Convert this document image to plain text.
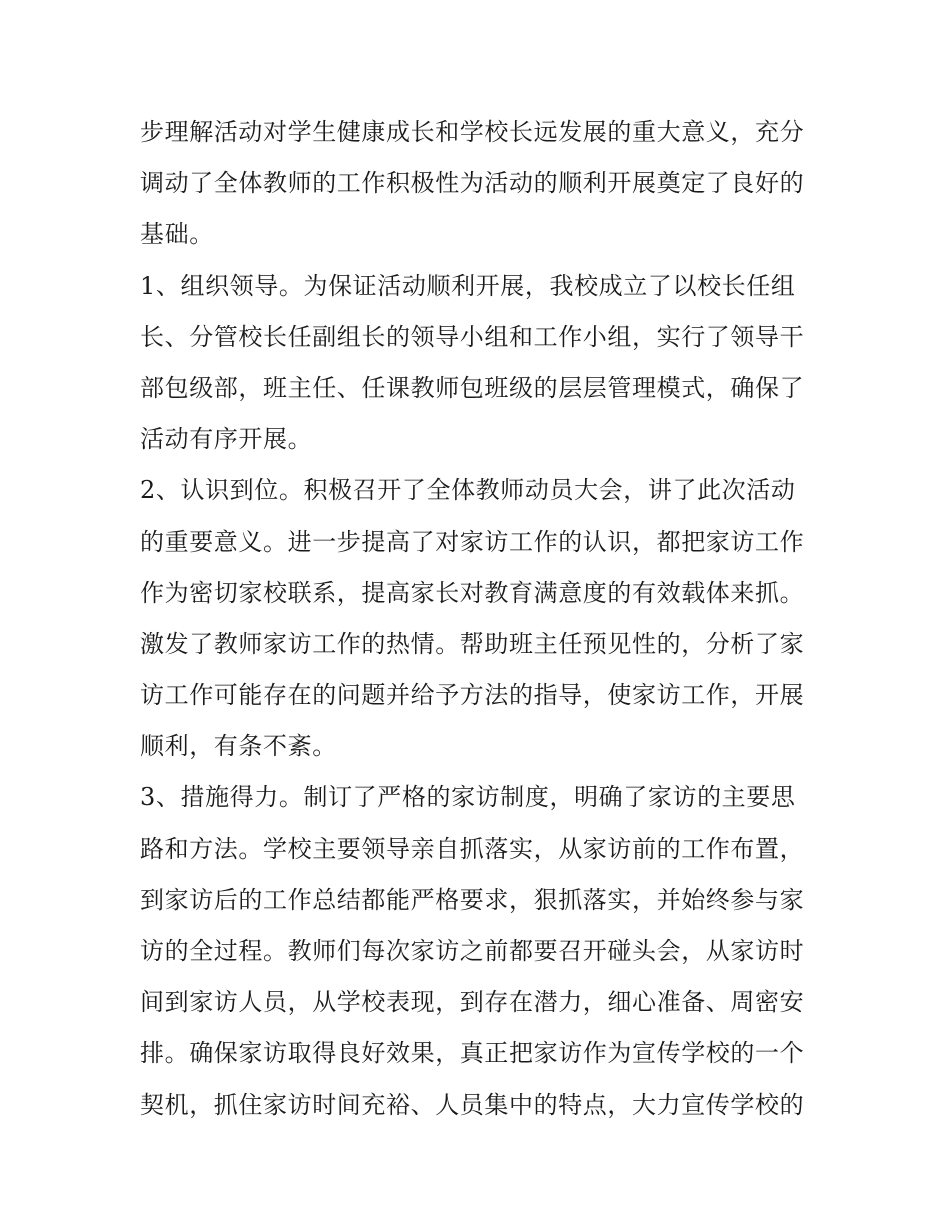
步理解活动对学生健康成长和学校长远发展的重大意义，充分
调动了全体教师的工作积极性为活动的顺利开展奠定了良好的
基础。
1、组织领导。为保证活动顺利开展，我校成立了以校长任组
长、分管校长任副组长的领导小组和工作小组，实行了领导干
部包级部，班主任、任课教师包班级的层层管理模式，确保了
活动有序开展。
2、认识到位。积极召开了全体教师动员大会，讲了此次活动
的重要意义。进一步提高了对家访工作的认识，都把家访工作
作为密切家校联系，提高家长对教育满意度的有效载体来抓。
激发了教师家访工作的热情。帮助班主任预见性的，分析了家
访工作可能存在的问题并给予方法的指导，使家访工作，开展
顺利，有条不紊。
3、措施得力。制订了严格的家访制度，明确了家访的主要思
路和方法。学校主要领导亲自抓落实，从家访前的工作布置，
到家访后的工作总结都能严格要求，狠抓落实，并始终参与家
访的全过程。教师们每次家访之前都要召开碰头会，从家访时
间到家访人员，从学校表现，到存在潜力，细心准备、周密安
排。确保家访取得良好效果，真正把家访作为宣传学校的一个
契机，抓住家访时间充裕、人员集中的特点，大力宣传学校的
